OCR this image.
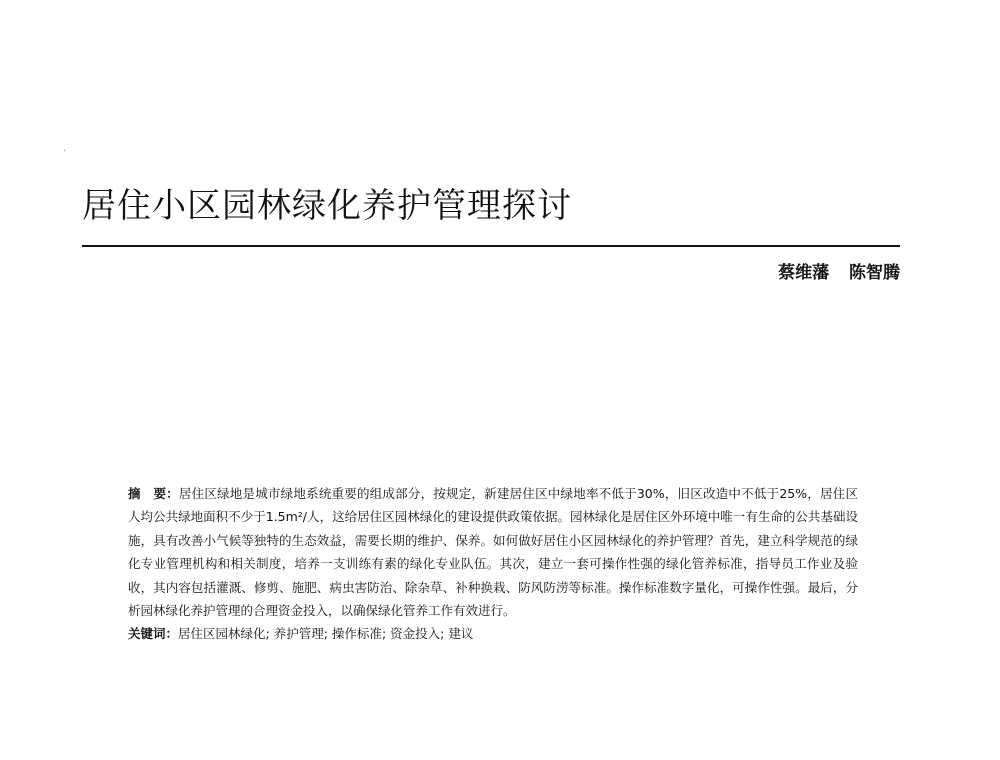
居住小区园林绿化养护管理探讨
蔡维藩 陈智腾

摘　要：居住区绿地是城市绿地系统重要的组成部分，按规定，新建居住区中绿地率不低于30%，旧区改造中不低于25%，居住区人均公共绿地面积不少于1.5m²/人，这给居住区园林绿化的建设提供政策依据。园林绿化是居住区外环境中唯一有生命的公共基础设施，具有改善小气候等独特的生态效益，需要长期的维护、保养。如何做好居住小区园林绿化的养护管理？首先，建立科学规范的绿化专业管理机构和相关制度，培养一支训练有素的绿化专业队伍。其次，建立一套可操作性强的绿化管养标准，指导员工作业及验收，其内容包括灌溉、修剪、施肥、病虫害防治、除杂草、补种换栽、防风防涝等标准。操作标准数字量化，可操作性强。最后，分析园林绿化养护管理的合理资金投入，以确保绿化管养工作有效进行。

关键词：居住区园林绿化 ; 养护管理 ; 操作标准 ; 资金投入 ; 建议
